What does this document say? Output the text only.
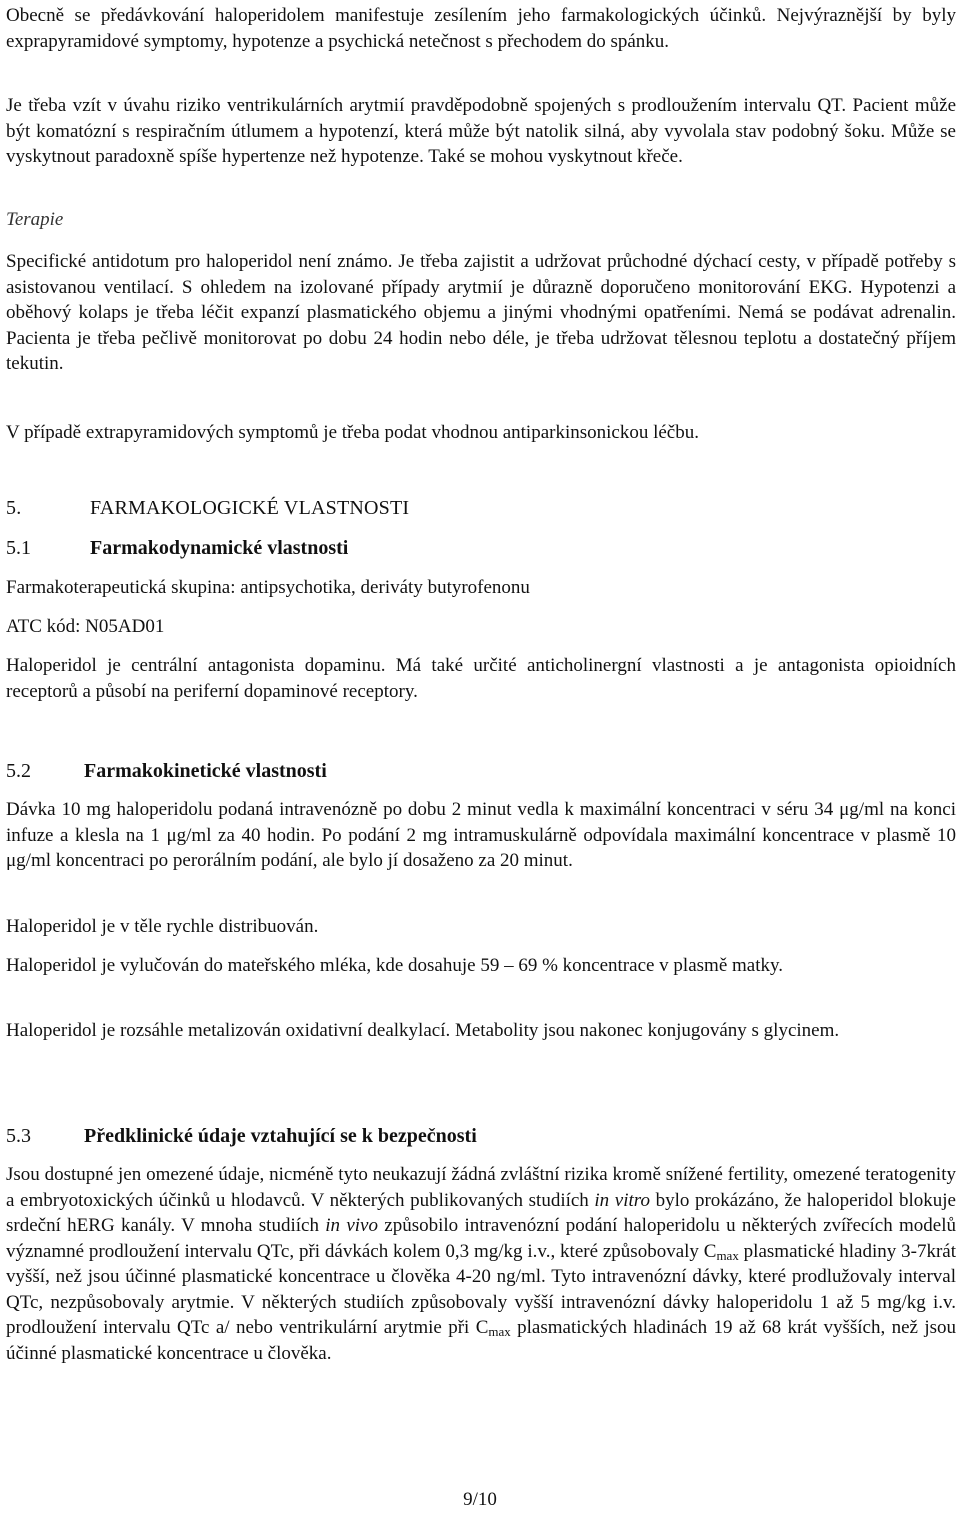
Obecně se předávkování haloperidolem manifestuje zesílením jeho farmakologických účinků. Nejvýraznější by byly exprapyramidové symptomy, hypotenze a psychická netečnost s přechodem do spánku.

Je třeba vzít v úvahu riziko ventrikulárních arytmií pravděpodobně spojených s prodloužením intervalu QT. Pacient může být komatózní s respiračním útlumem a hypotenzí, která může být natolik silná, aby vyvolala stav podobný šoku. Může se vyskytnout paradoxně spíše hypertenze než hypotenze. Také se mohou vyskytnout křeče.

Terapie

Specifické antidotum pro haloperidol není známo. Je třeba zajistit a udržovat průchodné dýchací cesty, v případě potřeby s asistovanou ventilací. S ohledem na izolované případy arytmií je důrazně doporučeno monitorování EKG. Hypotenzi a oběhový kolaps je třeba léčit expanzí plasmatického objemu a jinými vhodnými opatřeními. Nemá se podávat adrenalin. Pacienta je třeba pečlivě monitorovat po dobu 24 hodin nebo déle, je třeba udržovat tělesnou teplotu a dostatečný příjem tekutin.

V případě extrapyramidových symptomů je třeba podat vhodnou antiparkinsonickou léčbu.

5.	FARMAKOLOGICKÉ VLASTNOSTI
5.1	Farmakodynamické vlastnosti

Farmakoterapeutická skupina: antipsychotika, deriváty butyrofenonu

ATC kód: N05AD01

Haloperidol je centrální antagonista dopaminu. Má také určité anticholinergní vlastnosti a je antagonista opioidních receptorů a působí na periferní dopaminové receptory.

5.2	Farmakokinetické vlastnosti

Dávka 10 mg haloperidolu podaná intravenózně po dobu 2 minut vedla k maximální koncentraci v séru 34 μg/ml na konci infuze a klesla na 1 μg/ml za 40 hodin. Po podání 2 mg intramuskulárně odpovídala maximální koncentrace v plasmě 10 μg/ml koncentraci po perorálním podání, ale bylo jí dosaženo za 20 minut.

Haloperidol je v těle rychle distribuován.

Haloperidol je vylučován do mateřského mléka, kde dosahuje 59 – 69 % koncentrace v plasmě matky.

Haloperidol je rozsáhle metalizován oxidativní dealkylací. Metabolity jsou nakonec konjugovány s glycinem.

5.3	Předklinické údaje vztahující se k bezpečnosti

Jsou dostupné jen omezené údaje, nicméně tyto neukazují žádná zvláštní rizika kromě snížené fertility, omezené teratogenity a embryotoxických účinků u hlodavců. V některých publikovaných studiích in vitro bylo prokázáno, že haloperidol blokuje srdeční hERG kanály. V mnoha studiích in vivo způsobilo intravenózní podání haloperidolu u některých zvířecích modelů významné prodloužení intervalu QTc, při dávkách kolem 0,3 mg/kg i.v., které způsobovaly $C_{max}$ plasmatické hladiny 3-7krát vyšší, než jsou účinné plasmatické koncentrace u člověka 4-20 ng/ml. Tyto intravenózní dávky, které prodlužovaly interval QTc, nezpůsobovaly arytmie. V některých studiích způsobovaly vyšší intravenózní dávky haloperidolu 1 až 5 mg/kg i.v. prodloužení intervalu QTc a/ nebo ventrikulární arytmie při $C_{max}$ plasmatických hladinách 19 až 68 krát vyšších, než jsou účinné plasmatické koncentrace u člověka.

9/10
